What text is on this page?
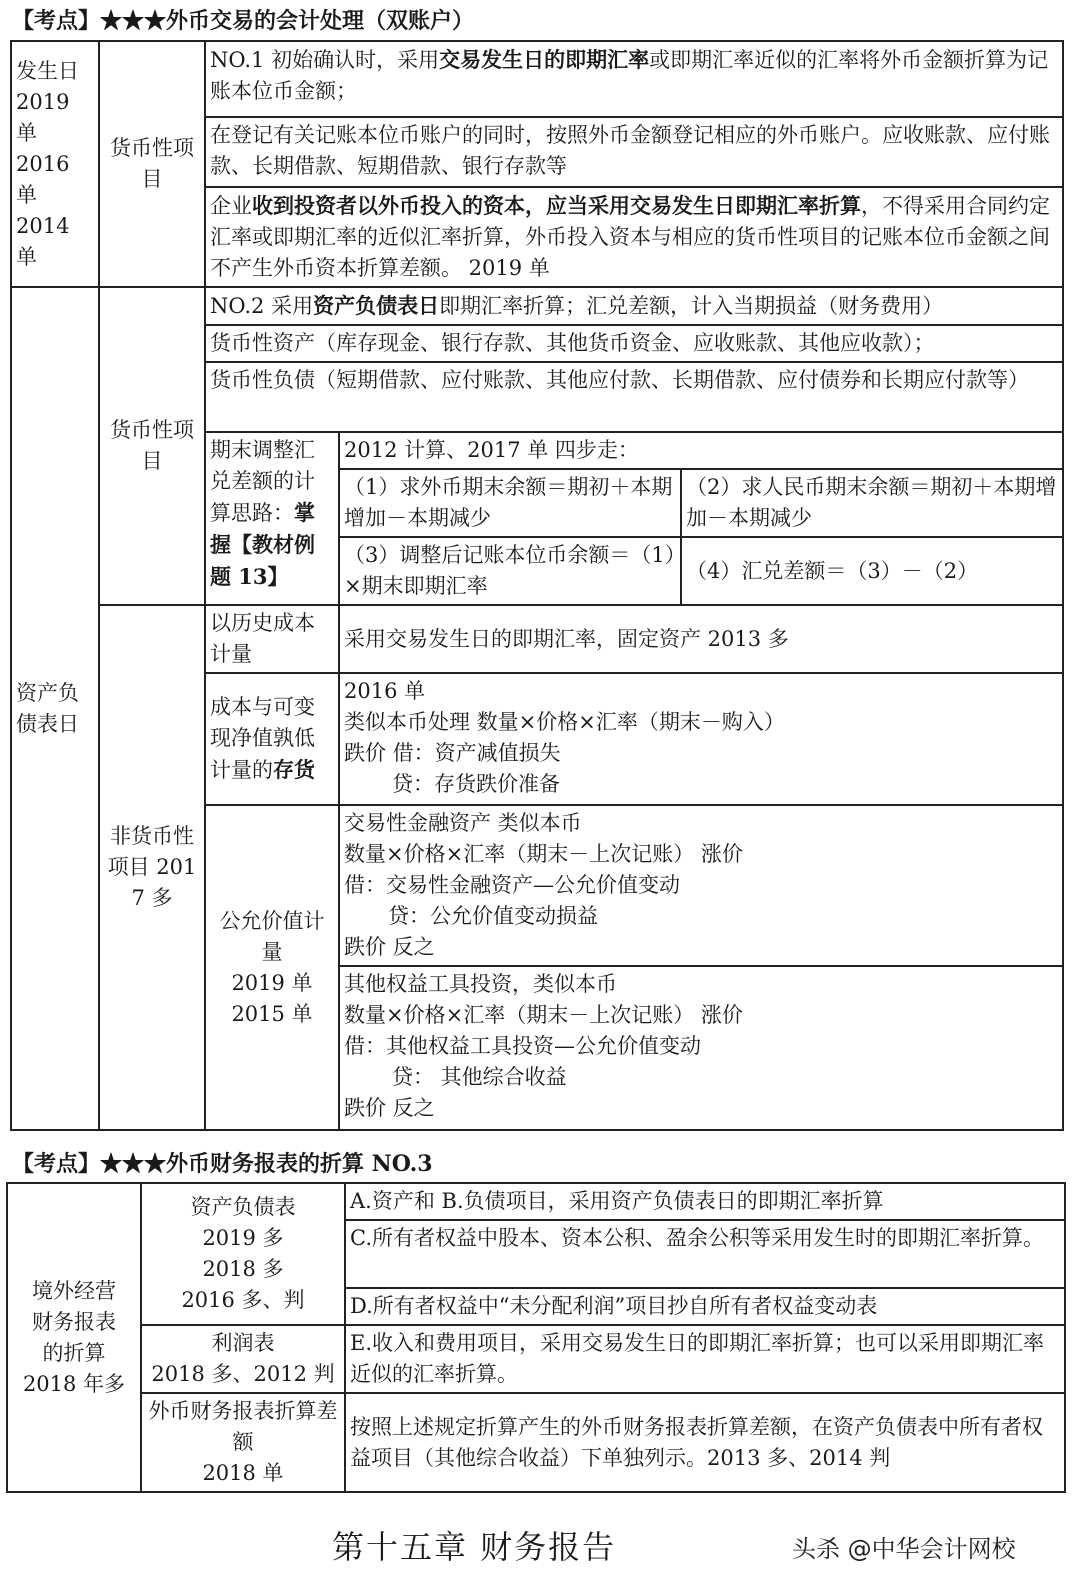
【考点】★★★外币交易的会计处理（双账户）
发生日
2019 单
2016 单
2014 单	货币性项目	NO.1 初始确认时，采用交易发生日的即期汇率或即期汇率近似的汇率将外币金额折算为记账本位币金额；		
		在登记有关记账本位币账户的同时，按照外币金额登记相应的外币账户。应收账款、应付账款、长期借款、短期借款、银行存款等		
		企业收到投资者以外币投入的资本，应当采用交易发生日即期汇率折算，不得采用合同约定汇率或即期汇率的近似汇率折算，外币投入资本与相应的货币性项目的记账本位币金额之间不产生外币资本折算差额。 2019 单		
资产负债表日	货币性项目	NO.2 采用资产负债表日即期汇率折算；汇兑差额，计入当期损益（财务费用）		
		货币性资产（库存现金、银行存款、其他货币资金、应收账款、其他应收款）；		
		货币性负债（短期借款、应付账款、其他应付款、长期借款、应付债券和长期应付款等）		
		期末调整汇兑差额的计算思路：掌握【教材例题 13】	2012 计算、2017 单 四步走：	
			（1）求外币期末余额＝期初＋本期增加－本期减少	（2）求人民币期末余额＝期初＋本期增加－本期减少
			（3）调整后记账本位币余额＝（1）×期末即期汇率	（4）汇兑差额＝（3）－（2）
	非货币性项目 2017 多	以历史成本计量	采用交易发生日的即期汇率，固定资产 2013 多	
		成本与可变现净值孰低计量的存货	2016 单
类似本币处理 数量×价格×汇率（期末－购入）
跌价 借：资产减值损失
贷：存货跌价准备	

		公允价值计量
2019 单
2015 单	交易性金融资产 类似本币
数量×价格×汇率（期末－上次记账） 涨价
借：交易性金融资产—公允价值变动
贷：公允价值变动损益
跌价 反之	

			其他权益工具投资，类似本币
数量×价格×汇率（期末－上次记账） 涨价
借：其他权益工具投资—公允价值变动
贷： 其他综合收益
跌价 反之	
【考点】★★★外币财务报表的折算 NO.3
境外经营
财务报表
的折算
2018 年多	资产负债表
2019 多
2018 多
2016 多、判	A.资产和 B.负债项目，采用资产负债表日的即期汇率折算
		C.所有者权益中股本、资本公积、盈余公积等采用发生时的即期汇率折算。
		D.所有者权益中“未分配利润”项目抄自所有者权益变动表

	利润表
2018 多、2012 判	E.收入和费用项目，采用交易发生日的即期汇率折算；也可以采用即期汇率近似的汇率折算。

	外币财务报表折算差额
2018 单	按照上述规定折算产生的外币财务报表折算差额，在资产负债表中所有者权益项目（其他综合收益）下单独列示。2013 多、2014 判
第十五章 财务报告	头杀 @中华会计网校
